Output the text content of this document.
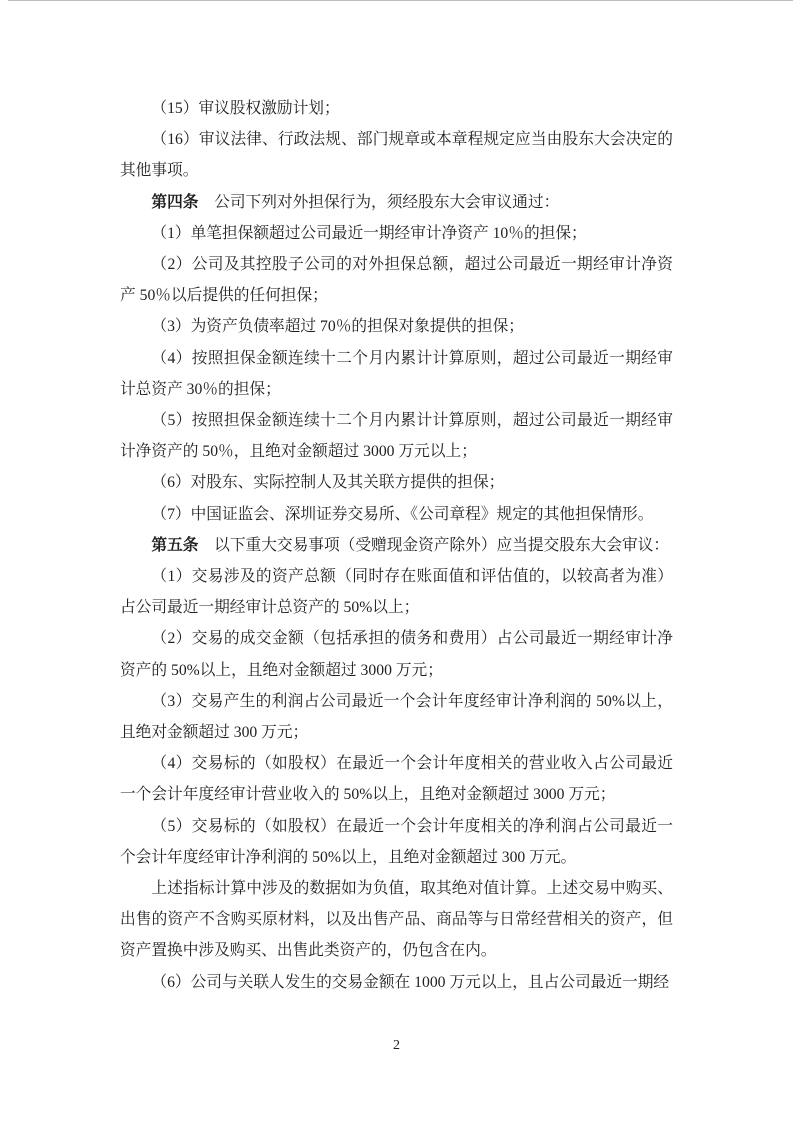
（15）审议股权激励计划；

（16）审议法律、行政法规、部门规章或本章程规定应当由股东大会决定的其他事项。

第四条　公司下列对外担保行为，须经股东大会审议通过：

（1）单笔担保额超过公司最近一期经审计净资产 10％的担保；

（2）公司及其控股子公司的对外担保总额，超过公司最近一期经审计净资产 50％以后提供的任何担保；

（3）为资产负债率超过 70％的担保对象提供的担保；

（4）按照担保金额连续十二个月内累计计算原则，超过公司最近一期经审计总资产 30％的担保；

（5）按照担保金额连续十二个月内累计计算原则，超过公司最近一期经审计净资产的 50％，且绝对金额超过 3000 万元以上；

（6）对股东、实际控制人及其关联方提供的担保；

（7）中国证监会、深圳证券交易所、《公司章程》规定的其他担保情形。

第五条　以下重大交易事项（受赠现金资产除外）应当提交股东大会审议：

（1）交易涉及的资产总额（同时存在账面值和评估值的，以较高者为准）占公司最近一期经审计总资产的 50%以上；

（2）交易的成交金额（包括承担的债务和费用）占公司最近一期经审计净资产的 50%以上，且绝对金额超过 3000 万元；

（3）交易产生的利润占公司最近一个会计年度经审计净利润的 50%以上，且绝对金额超过 300 万元；

（4）交易标的（如股权）在最近一个会计年度相关的营业收入占公司最近一个会计年度经审计营业收入的 50%以上，且绝对金额超过 3000 万元；

（5）交易标的（如股权）在最近一个会计年度相关的净利润占公司最近一个会计年度经审计净利润的 50%以上，且绝对金额超过 300 万元。

上述指标计算中涉及的数据如为负值，取其绝对值计算。上述交易中购买、出售的资产不含购买原材料，以及出售产品、商品等与日常经营相关的资产，但资产置换中涉及购买、出售此类资产的，仍包含在内。

（6）公司与关联人发生的交易金额在 1000 万元以上，且占公司最近一期经

2
